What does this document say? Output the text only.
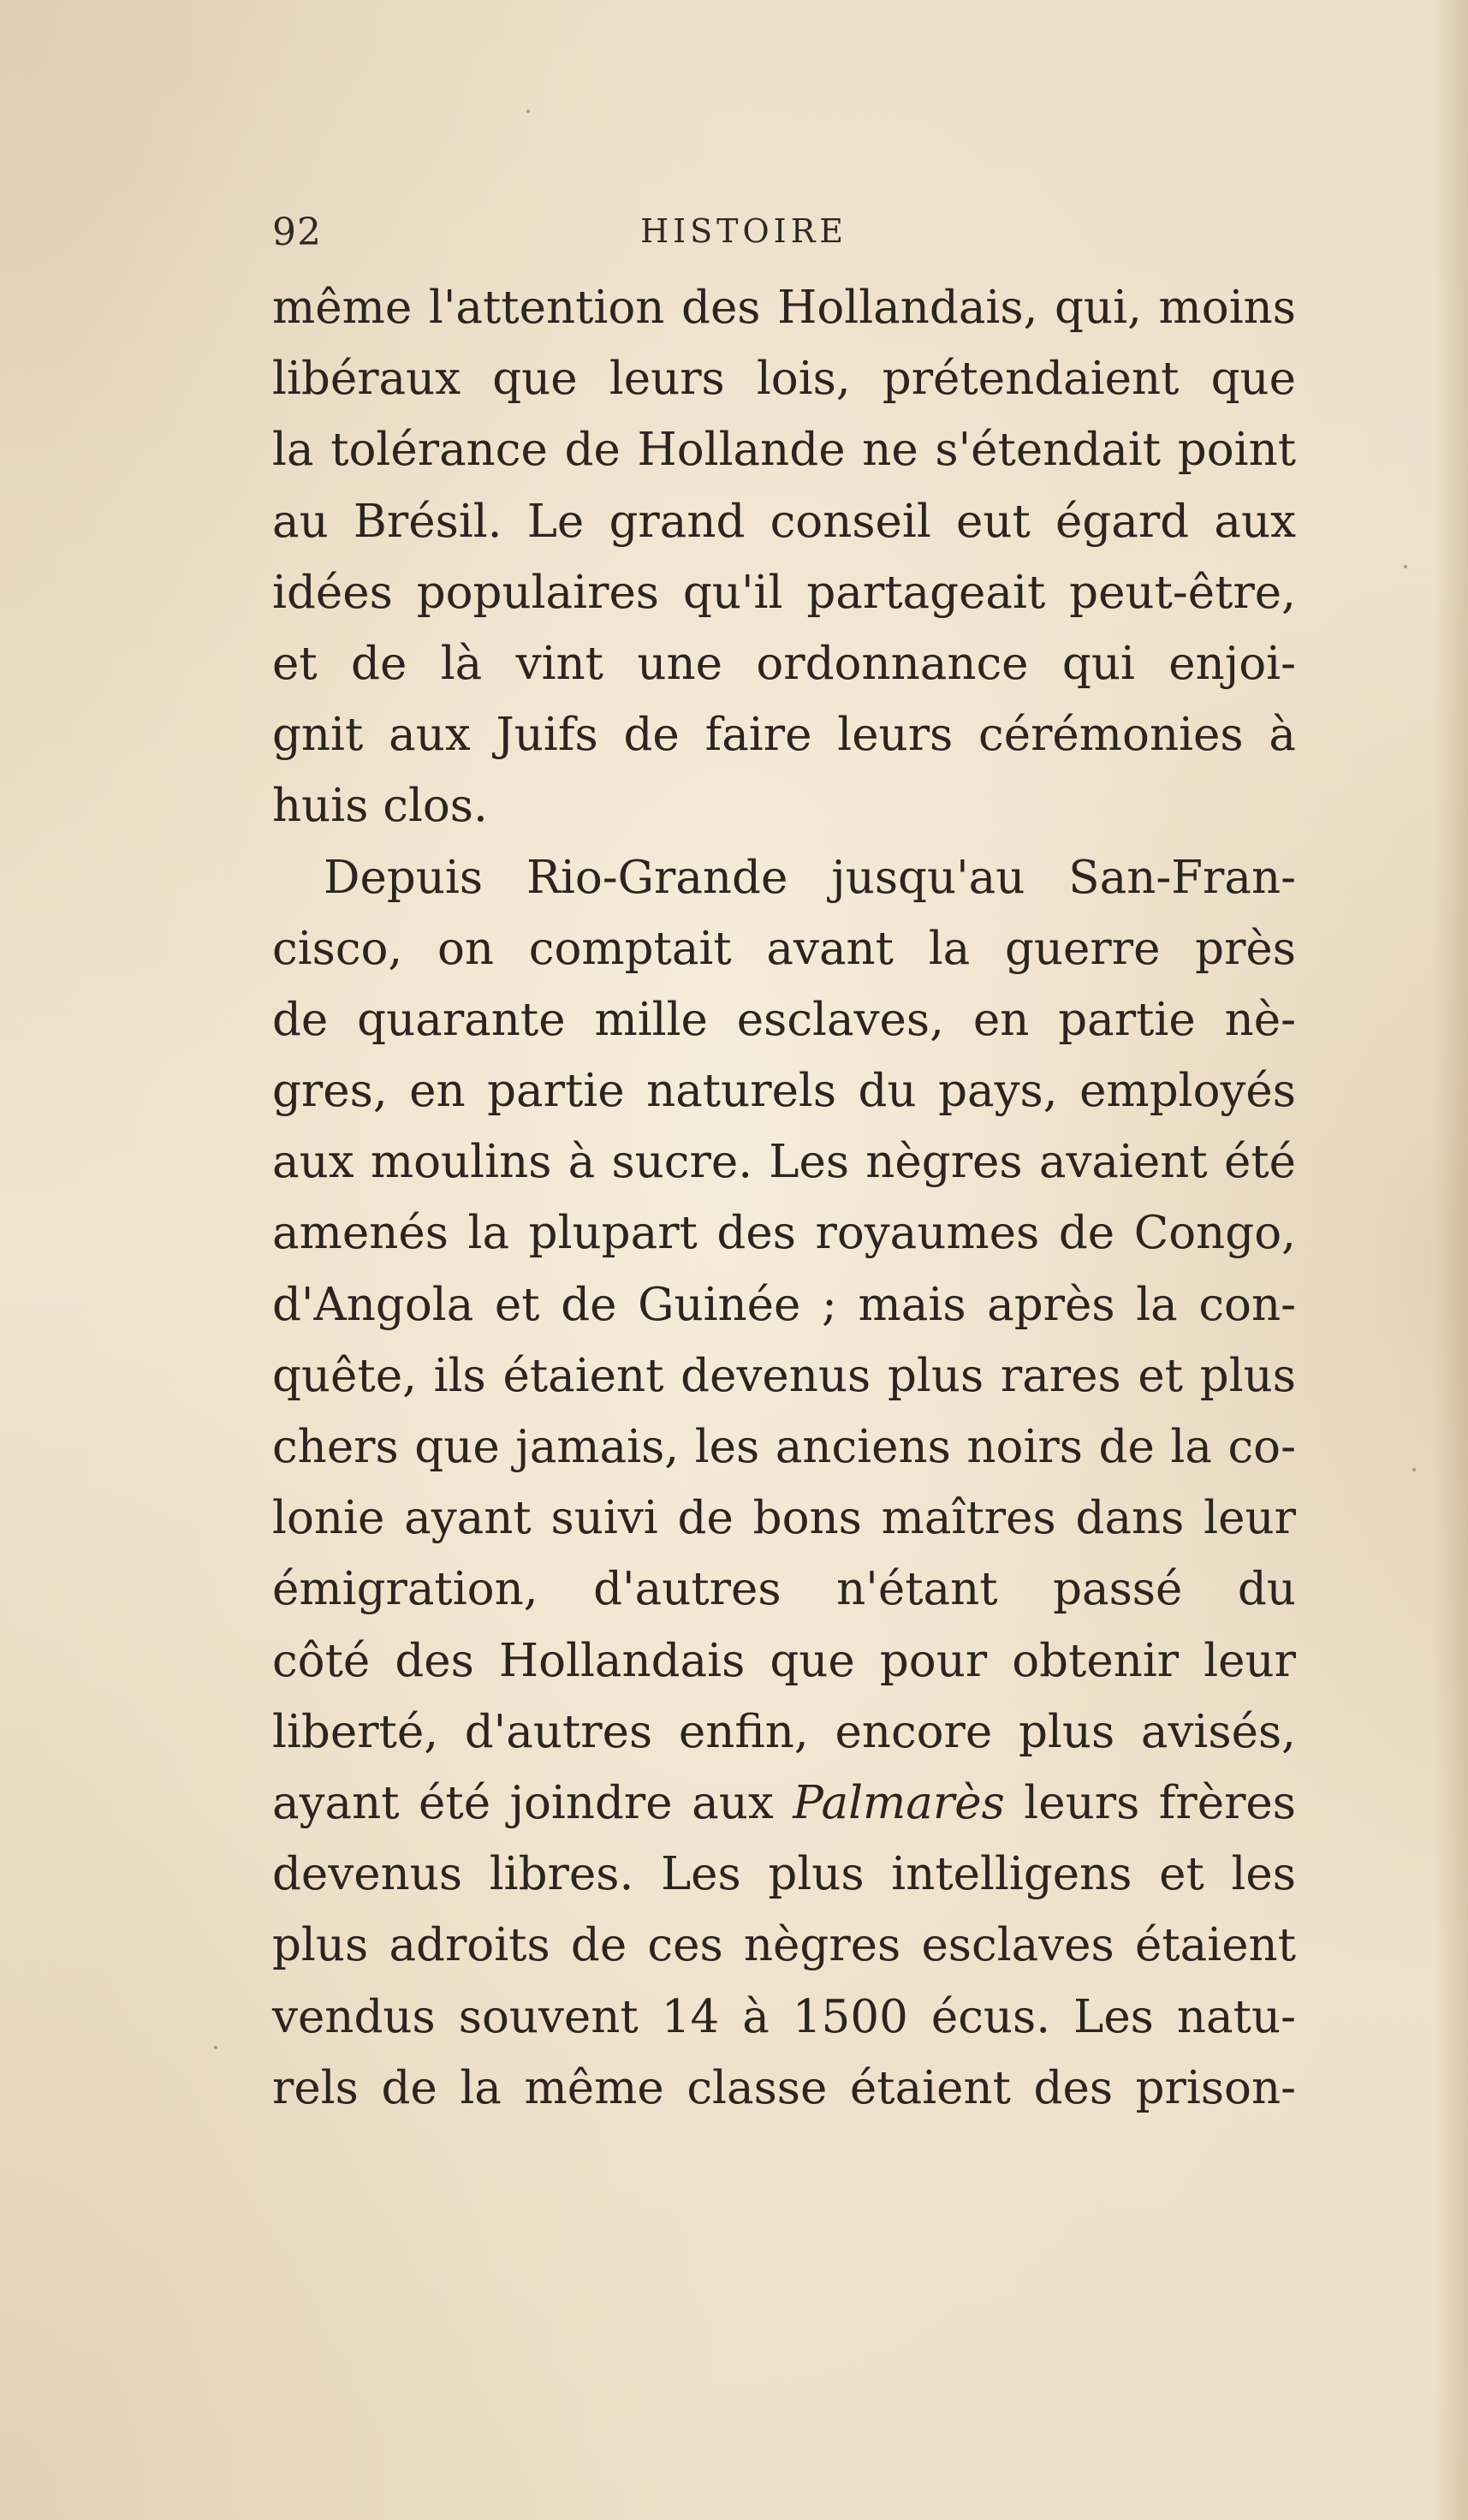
92	HISTOIRE
même l'attention des Hollandais, qui, moins
libéraux que leurs lois, prétendaient que
la tolérance de Hollande ne s'étendait point
au Brésil. Le grand conseil eut égard aux
idées populaires qu'il partageait peut-être,
et de là vint une ordonnance qui enjoi-
gnit aux Juifs de faire leurs cérémonies à
huis clos.
Depuis Rio-Grande jusqu'au San-Fran-
cisco, on comptait avant la guerre près
de quarante mille esclaves, en partie nè-
gres, en partie naturels du pays, employés
aux moulins à sucre. Les nègres avaient été
amenés la plupart des royaumes de Congo,
d'Angola et de Guinée ; mais après la con-
quête, ils étaient devenus plus rares et plus
chers que jamais, les anciens noirs de la co-
lonie ayant suivi de bons maîtres dans leur
émigration, d'autres n'étant passé du
côté des Hollandais que pour obtenir leur
liberté, d'autres enfin, encore plus avisés,
ayant été joindre aux Palmarès leurs frères
devenus libres. Les plus intelligens et les
plus adroits de ces nègres esclaves étaient
vendus souvent 14 à 1500 écus. Les natu-
rels de la même classe étaient des prison-
